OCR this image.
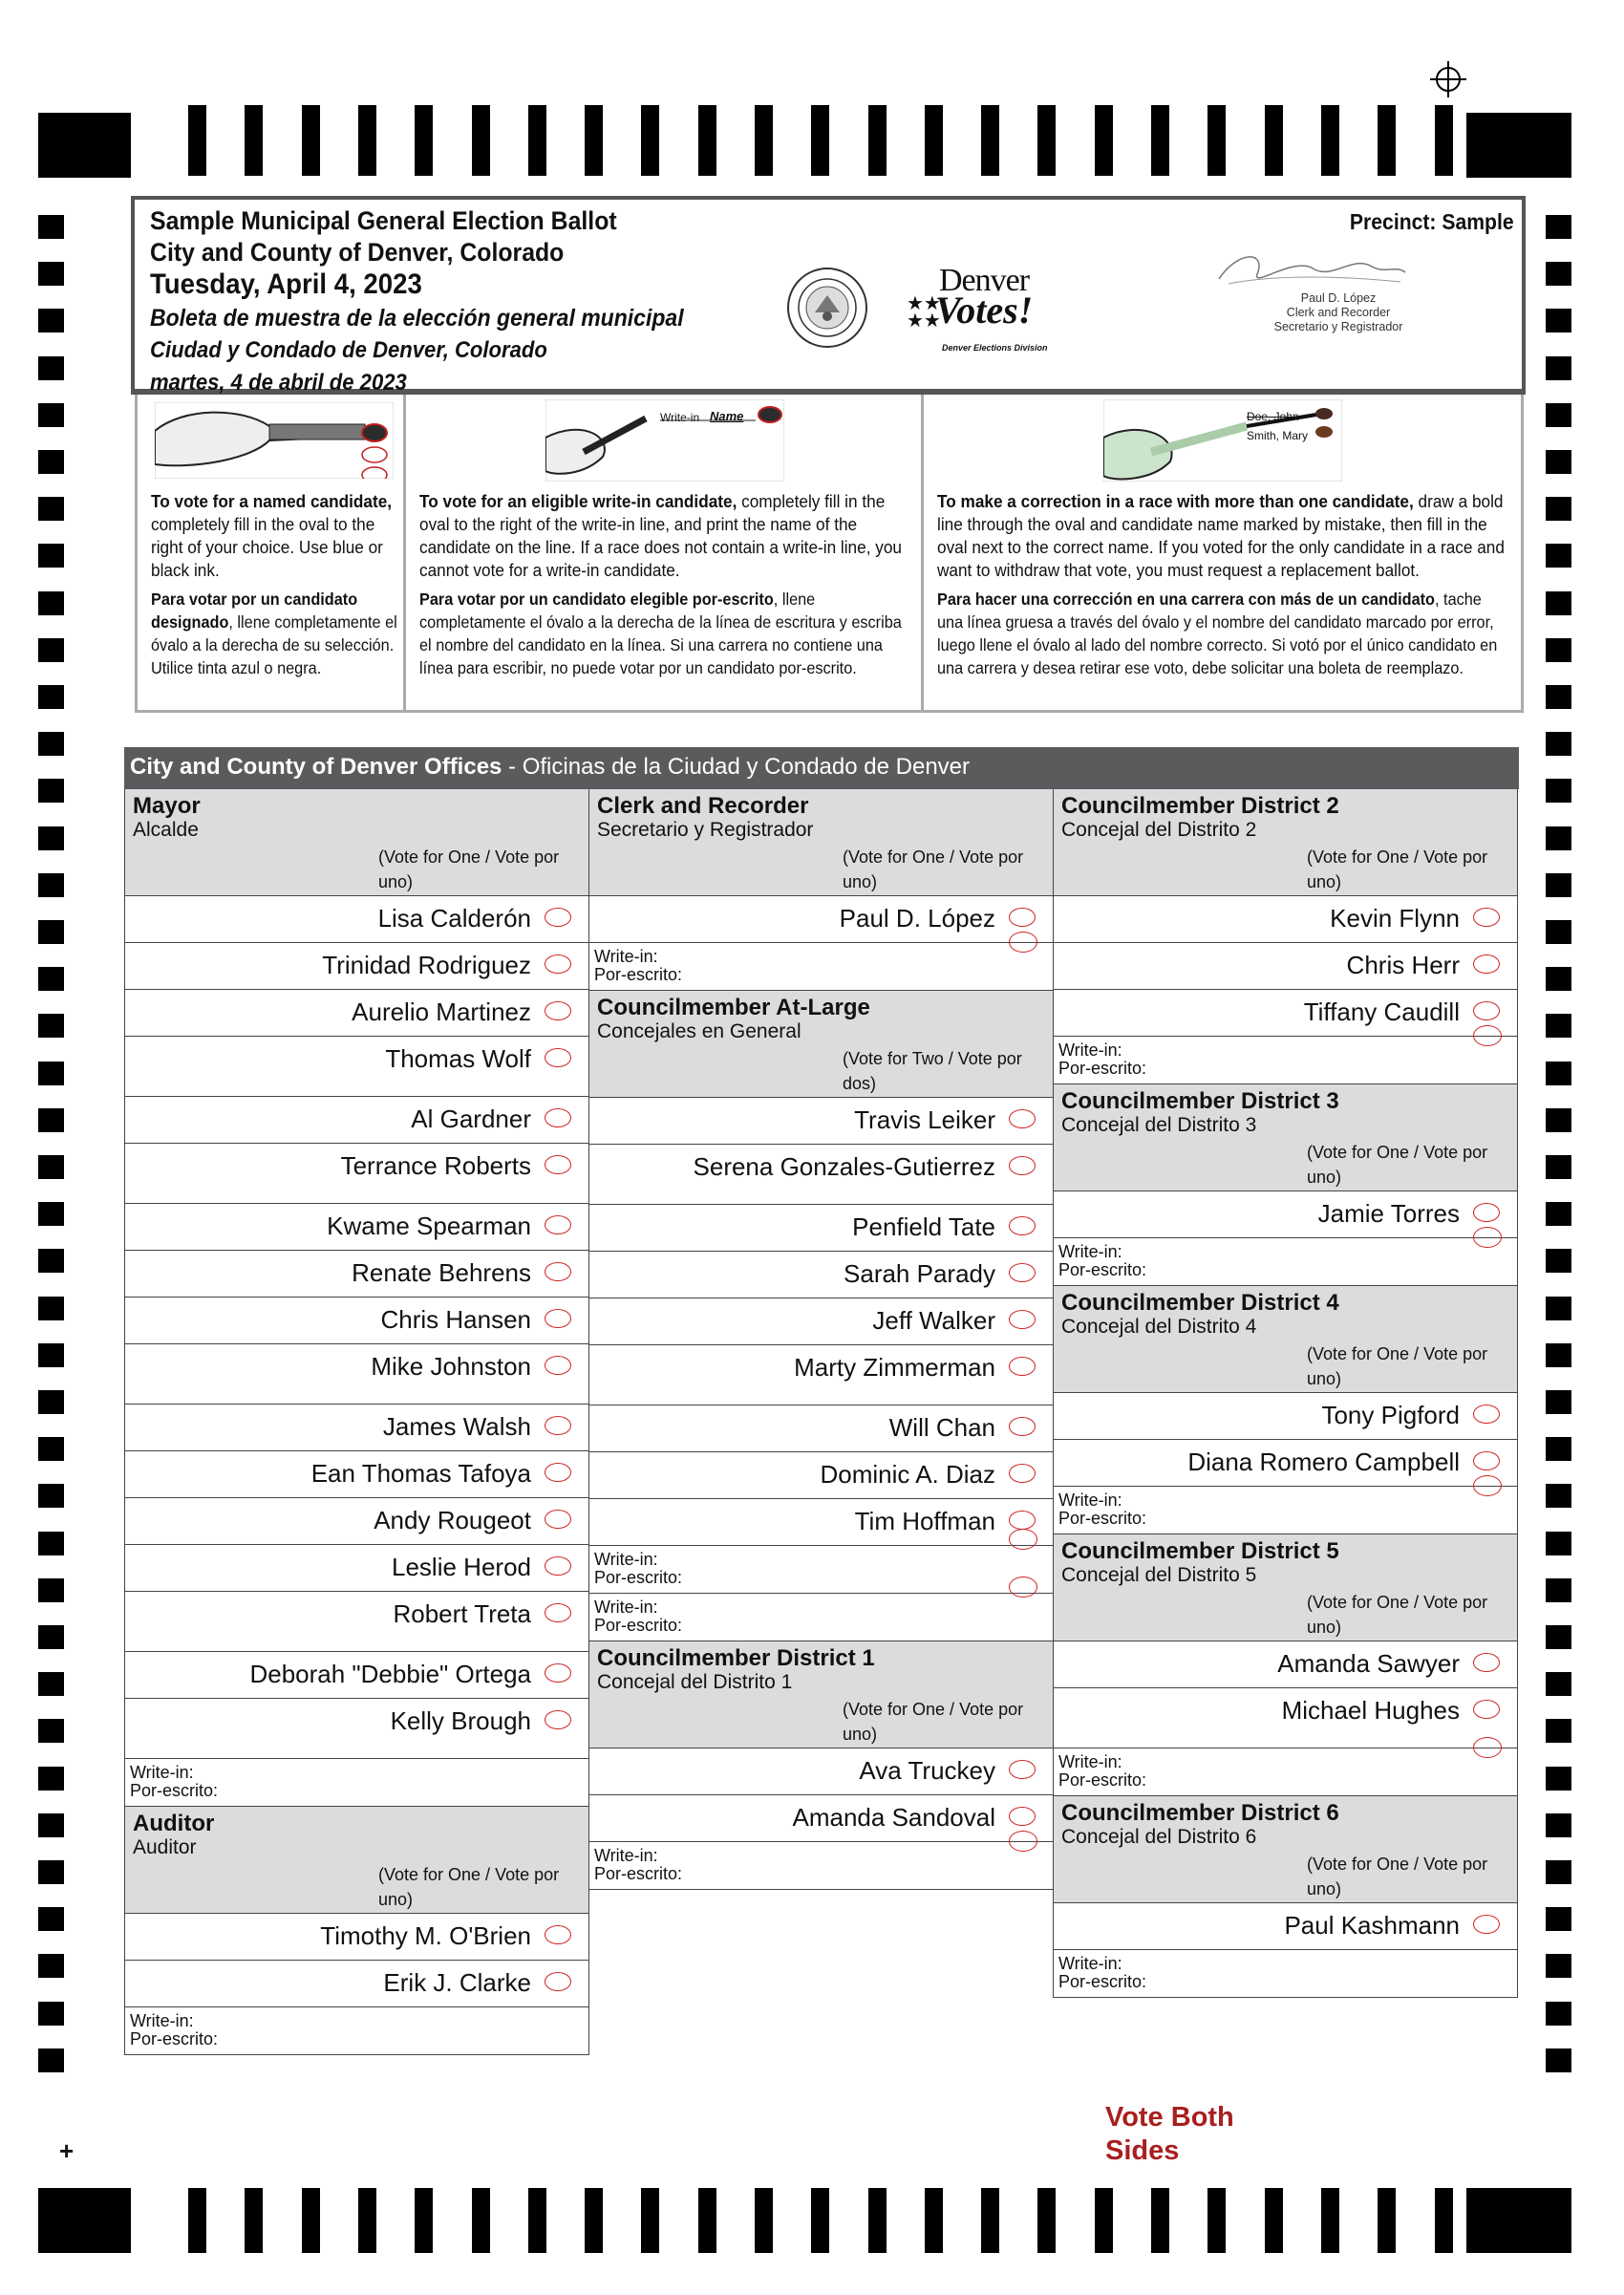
Sample Municipal General Election Ballot
City and County of Denver, Colorado
Tuesday, April 4, 2023
Boleta de muestra de la elección general municipal
Ciudad y Condado de Denver, Colorado
martes, 4 de abril de 2023
Precinct: Sample
Denver
Votes!
★★
★★
Denver Elections Division
Paul D. López
Clerk and Recorder
Secretario y Registrador

To vote for a named candidate, completely fill in the oval to the right of your choice. Use blue or black ink.

Para votar por un candidato designado, llene completamente el óvalo a la derecha de su selección. Utilice tinta azul o negra.

Write-in Name

To vote for an eligible write-in candidate, completely fill in the oval to the right of the write-in line, and print the name of the candidate on the line. If a race does not contain a write-in line, you cannot vote for a write-in candidate.

Para votar por un candidato elegible por-escrito, llene completamente el óvalo a la derecha de la línea de escritura y escriba el nombre del candidato en la línea. Si una carrera no contiene una línea para escribir, no puede votar por un candidato por-escrito.

Doe, John
Smith, Mary

To make a correction in a race with more than one candidate, draw a bold line through the oval and candidate name marked by mistake, then fill in the oval next to the correct name. If you voted for the only candidate in a race and want to withdraw that vote, you must request a replacement ballot.

Para hacer una corrección en una carrera con más de un candidato, tache una línea gruesa a través del óvalo y el nombre del candidato marcado por error, luego llene el óvalo al lado del nombre correcto. Si votó por el único candidato en una carrera y desea retirar ese voto, debe solicitar una boleta de reemplazo.

City and County of Denver Offices - Oficinas de la Ciudad y Condado de Denver
Mayor
Alcalde
(Vote for One / Vote por uno)
Lisa Calderón
Trinidad Rodriguez
Aurelio Martinez
Thomas Wolf
Al Gardner
Terrance Roberts
Kwame Spearman
Renate Behrens
Chris Hansen
Mike Johnston
James Walsh
Ean Thomas Tafoya
Andy Rougeot
Leslie Herod
Robert Treta
Deborah "Debbie" Ortega
Kelly Brough
Write-in:
Por-escrito:
Auditor
Auditor
(Vote for One / Vote por uno)
Timothy M. O'Brien
Erik J. Clarke
Write-in:
Por-escrito:
Clerk and Recorder
Secretario y Registrador
(Vote for One / Vote por uno)
Paul D. López
Write-in:
Por-escrito:
Councilmember At-Large
Concejales en General
(Vote for Two / Vote por dos)
Travis Leiker
Serena Gonzales-Gutierrez
Penfield Tate
Sarah Parady
Jeff Walker
Marty Zimmerman
Will Chan
Dominic A. Diaz
Tim Hoffman
Write-in:
Por-escrito:
Write-in:
Por-escrito:
Councilmember District 1
Concejal del Distrito 1
(Vote for One / Vote por uno)
Ava Truckey
Amanda Sandoval
Write-in:
Por-escrito:
Councilmember District 2
Concejal del Distrito 2
(Vote for One / Vote por uno)
Kevin Flynn
Chris Herr
Tiffany Caudill
Write-in:
Por-escrito:
Councilmember District 3
Concejal del Distrito 3
(Vote for One / Vote por uno)
Jamie Torres
Write-in:
Por-escrito:
Councilmember District 4
Concejal del Distrito 4
(Vote for One / Vote por uno)
Tony Pigford
Diana Romero Campbell
Write-in:
Por-escrito:
Councilmember District 5
Concejal del Distrito 5
(Vote for One / Vote por uno)
Amanda Sawyer
Michael Hughes
Write-in:
Por-escrito:
Councilmember District 6
Concejal del Distrito 6
(Vote for One / Vote por uno)
Paul Kashmann
Write-in:
Por-escrito:
Vote Both
Sides
+
